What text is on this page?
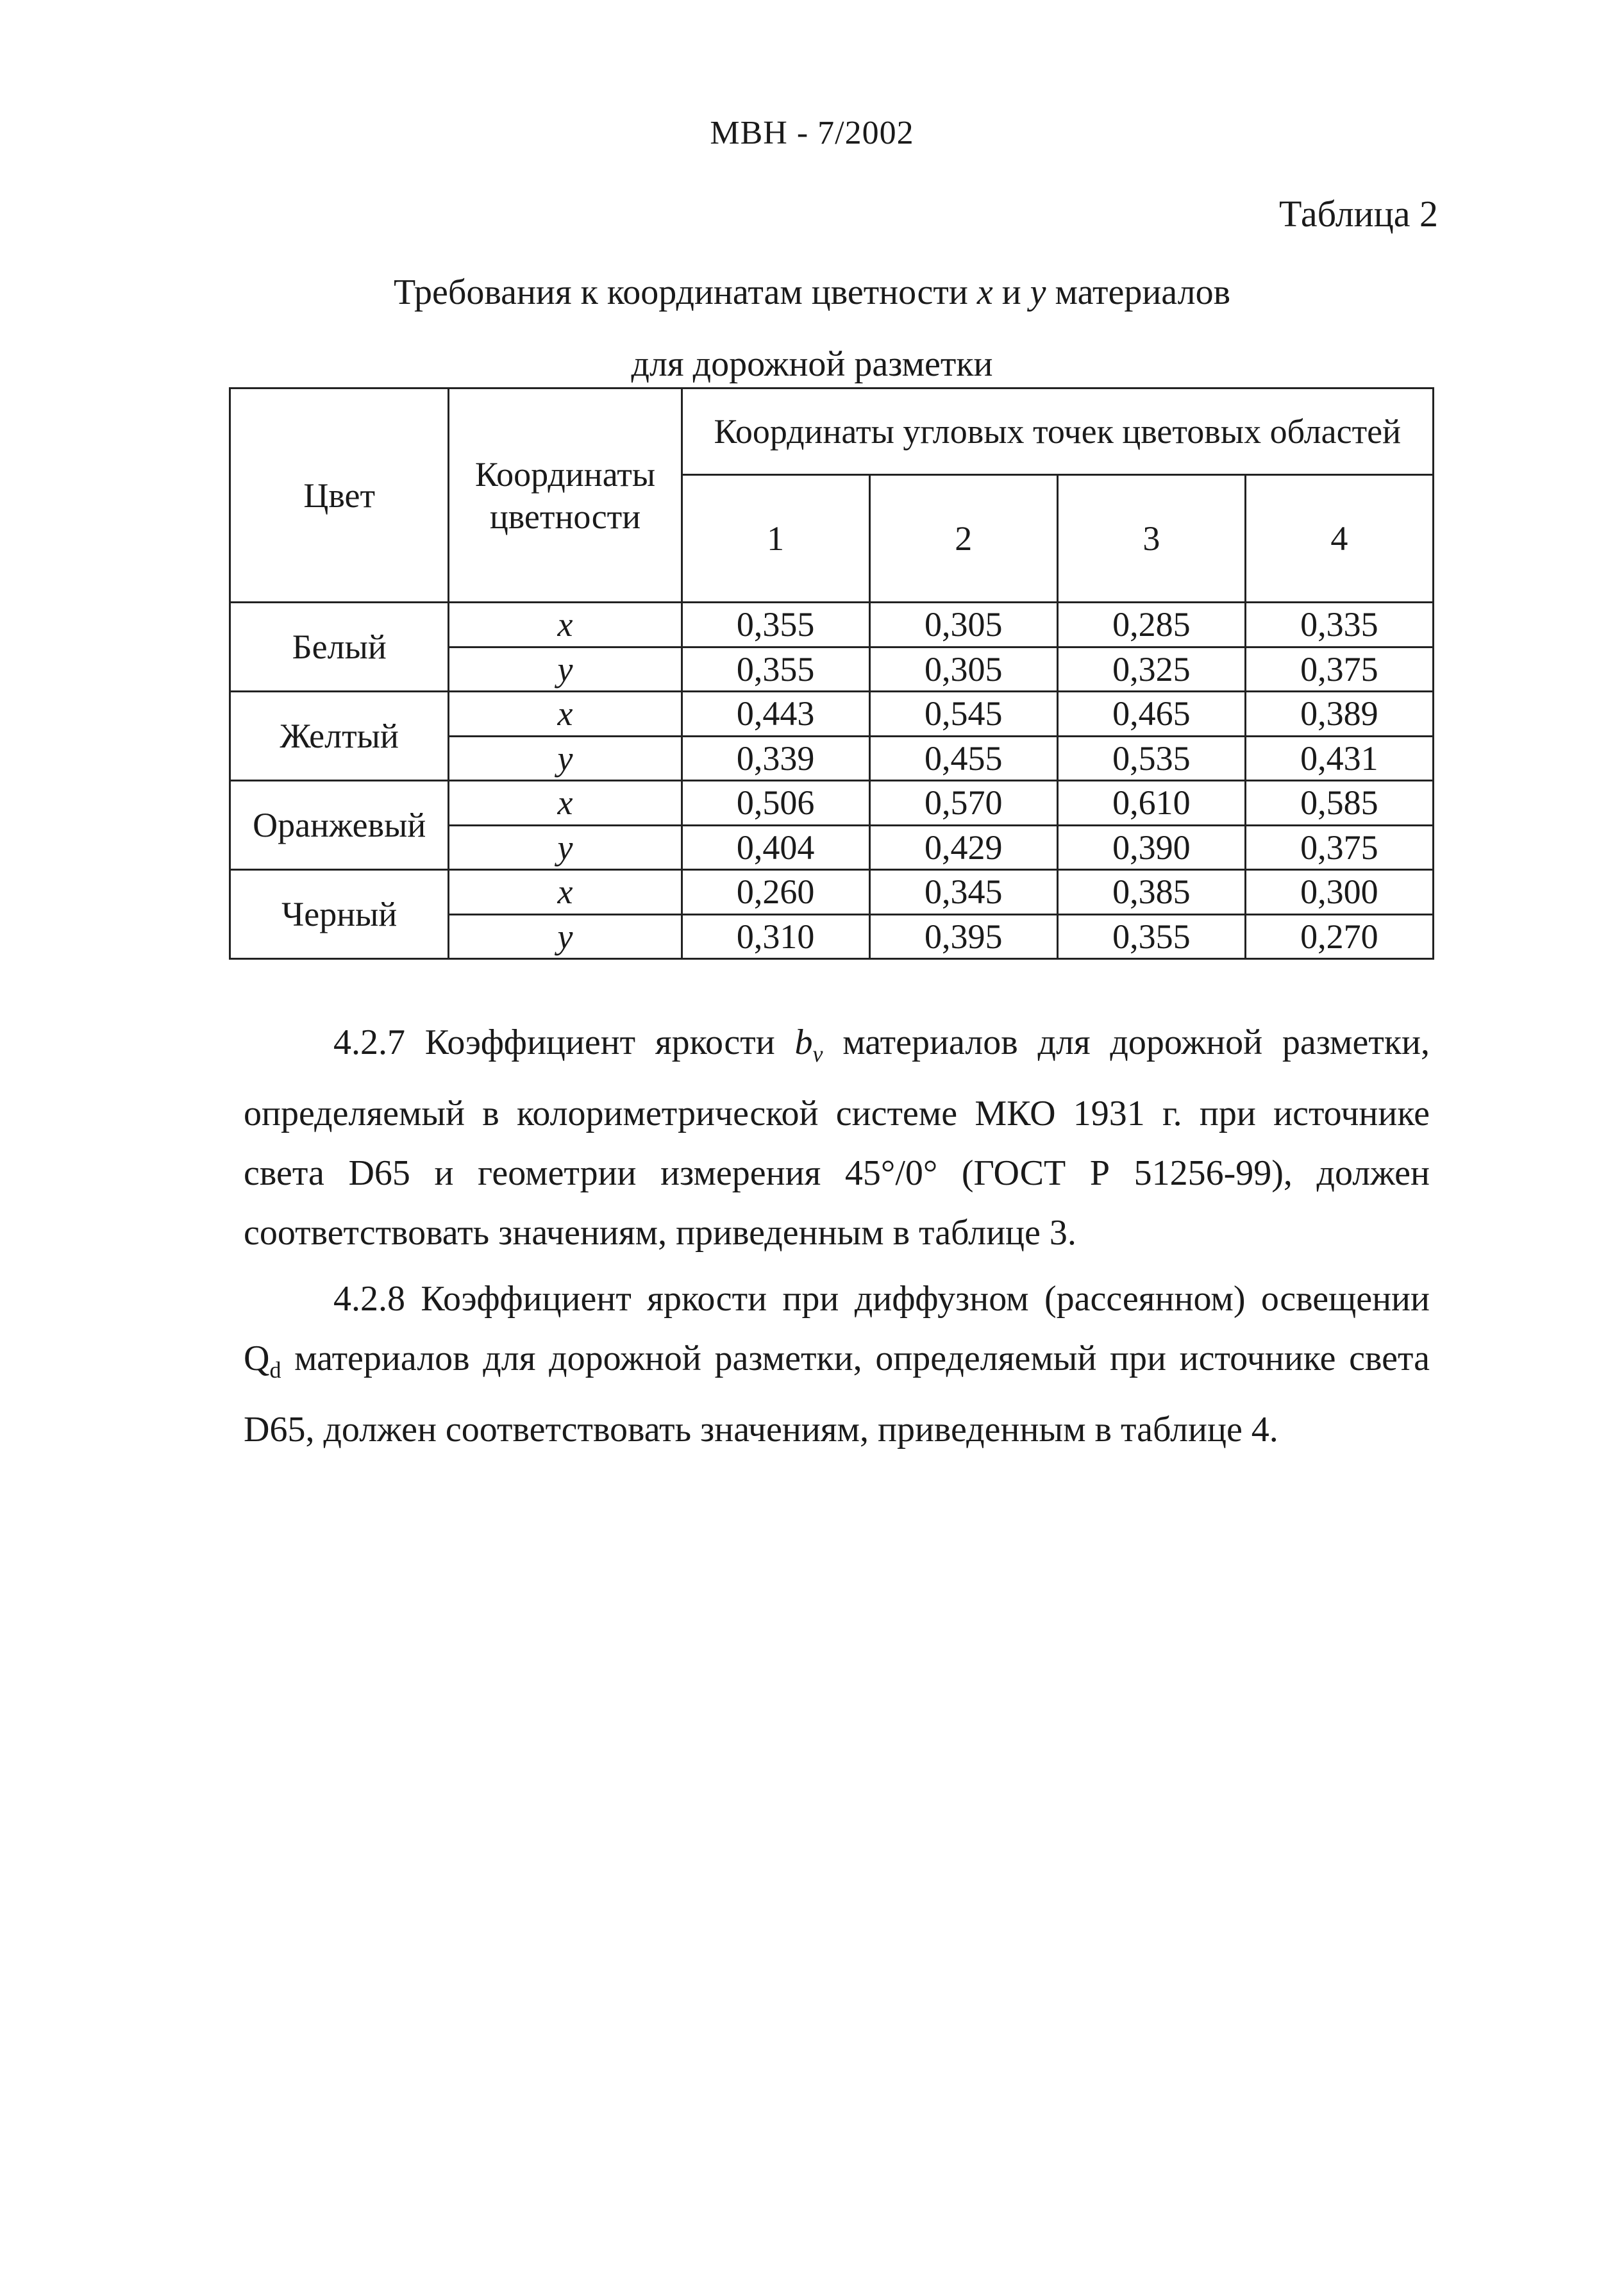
МВН - 7/2002
Таблица 2
Требования к координатам цветности x и y материалов
для дорожной разметки
Цвет	Координаты цветности	Координаты угловых точек цветовых областей			
		1	2	3	4
Белый	x	0,355	0,305	0,285	0,335
	y	0,355	0,305	0,325	0,375
Желтый	x	0,443	0,545	0,465	0,389
	y	0,339	0,455	0,535	0,431
Оранжевый	x	0,506	0,570	0,610	0,585
	y	0,404	0,429	0,390	0,375
Черный	x	0,260	0,345	0,385	0,300
	y	0,310	0,395	0,355	0,270

4.2.7 Коэффициент яркости $b_v$ материалов для дорожной разметки, определяемый в колориметрической системе МКО 1931 г. при источнике света D65 и геометрии измерения 45°/0° (ГОСТ Р 51256-99), должен соответствовать значениям, приведенным в таблице 3.

4.2.8 Коэффициент яркости при диффузном (рассеянном) освещении $Q_d$ материалов для дорожной разметки, определяемый при источнике света D65, должен соответствовать значениям, приведенным в таблице 4.
